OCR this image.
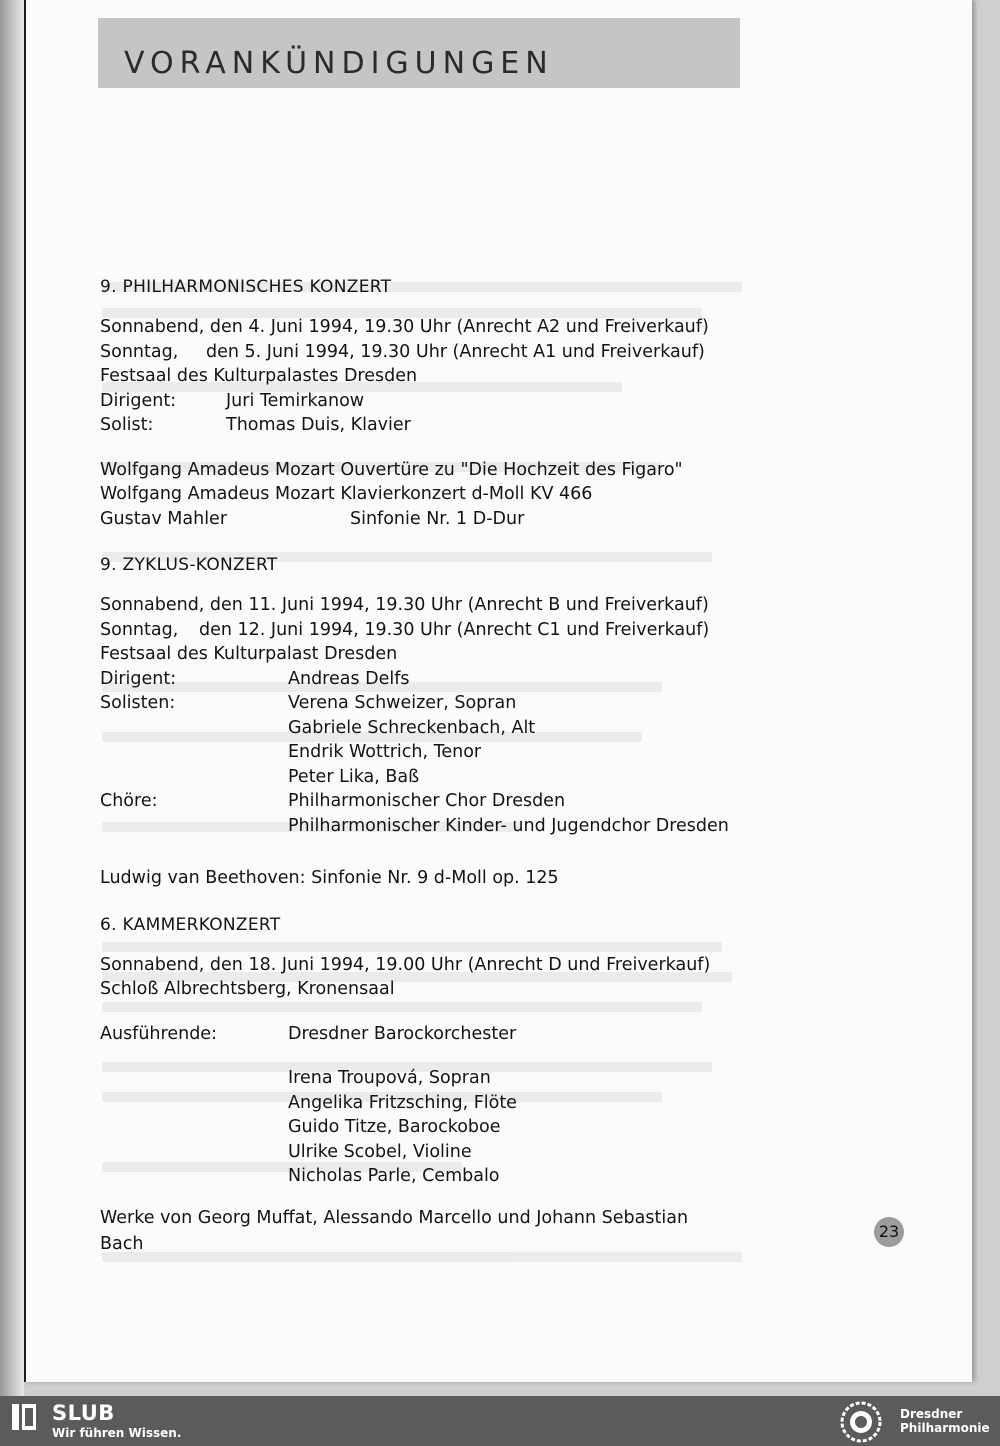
VORANKÜNDIGUNGEN
9. PHILHARMONISCHES KONZERT
Sonnabend, den 4. Juni 1994, 19.30 Uhr (Anrecht A2 und Freiverkauf)
Sonntag,	den 5. Juni 1994, 19.30 Uhr (Anrecht A1 und Freiverkauf)
Festsaal des Kulturpalastes Dresden
Dirigent:	Juri Temirkanow
Solist:	Thomas Duis, Klavier
Wolfgang Amadeus Mozart Ouvertüre zu "Die Hochzeit des Figaro"
Wolfgang Amadeus Mozart Klavierkonzert d-Moll KV 466
Gustav Mahler	Sinfonie Nr. 1 D-Dur
9. ZYKLUS-KONZERT
Sonnabend, den 11. Juni 1994, 19.30 Uhr (Anrecht B und Freiverkauf)
Sonntag,	den 12. Juni 1994, 19.30 Uhr (Anrecht C1 und Freiverkauf)
Festsaal des Kulturpalast Dresden
Dirigent:	Andreas Delfs
Solisten:	Verena Schweizer, Sopran
Gabriele Schreckenbach, Alt
Endrik Wottrich, Tenor
Peter Lika, Baß
Chöre:	Philharmonischer Chor Dresden
Philharmonischer Kinder- und Jugendchor Dresden
Ludwig van Beethoven: Sinfonie Nr. 9 d-Moll op. 125
6. KAMMERKONZERT
Sonnabend, den 18. Juni 1994, 19.00 Uhr (Anrecht D und Freiverkauf)
Schloß Albrechtsberg, Kronensaal
Ausführende:	Dresdner Barockorchester
Irena Troupová, Sopran
Angelika Fritzsching, Flöte
Guido Titze, Barockoboe
Ulrike Scobel, Violine
Nicholas Parle, Cembalo
Werke von Georg Muffat, Alessando Marcello und Johann Sebastian Bach
23
SLUB
Wir führen Wissen.
Dresdner
Philharmonie
